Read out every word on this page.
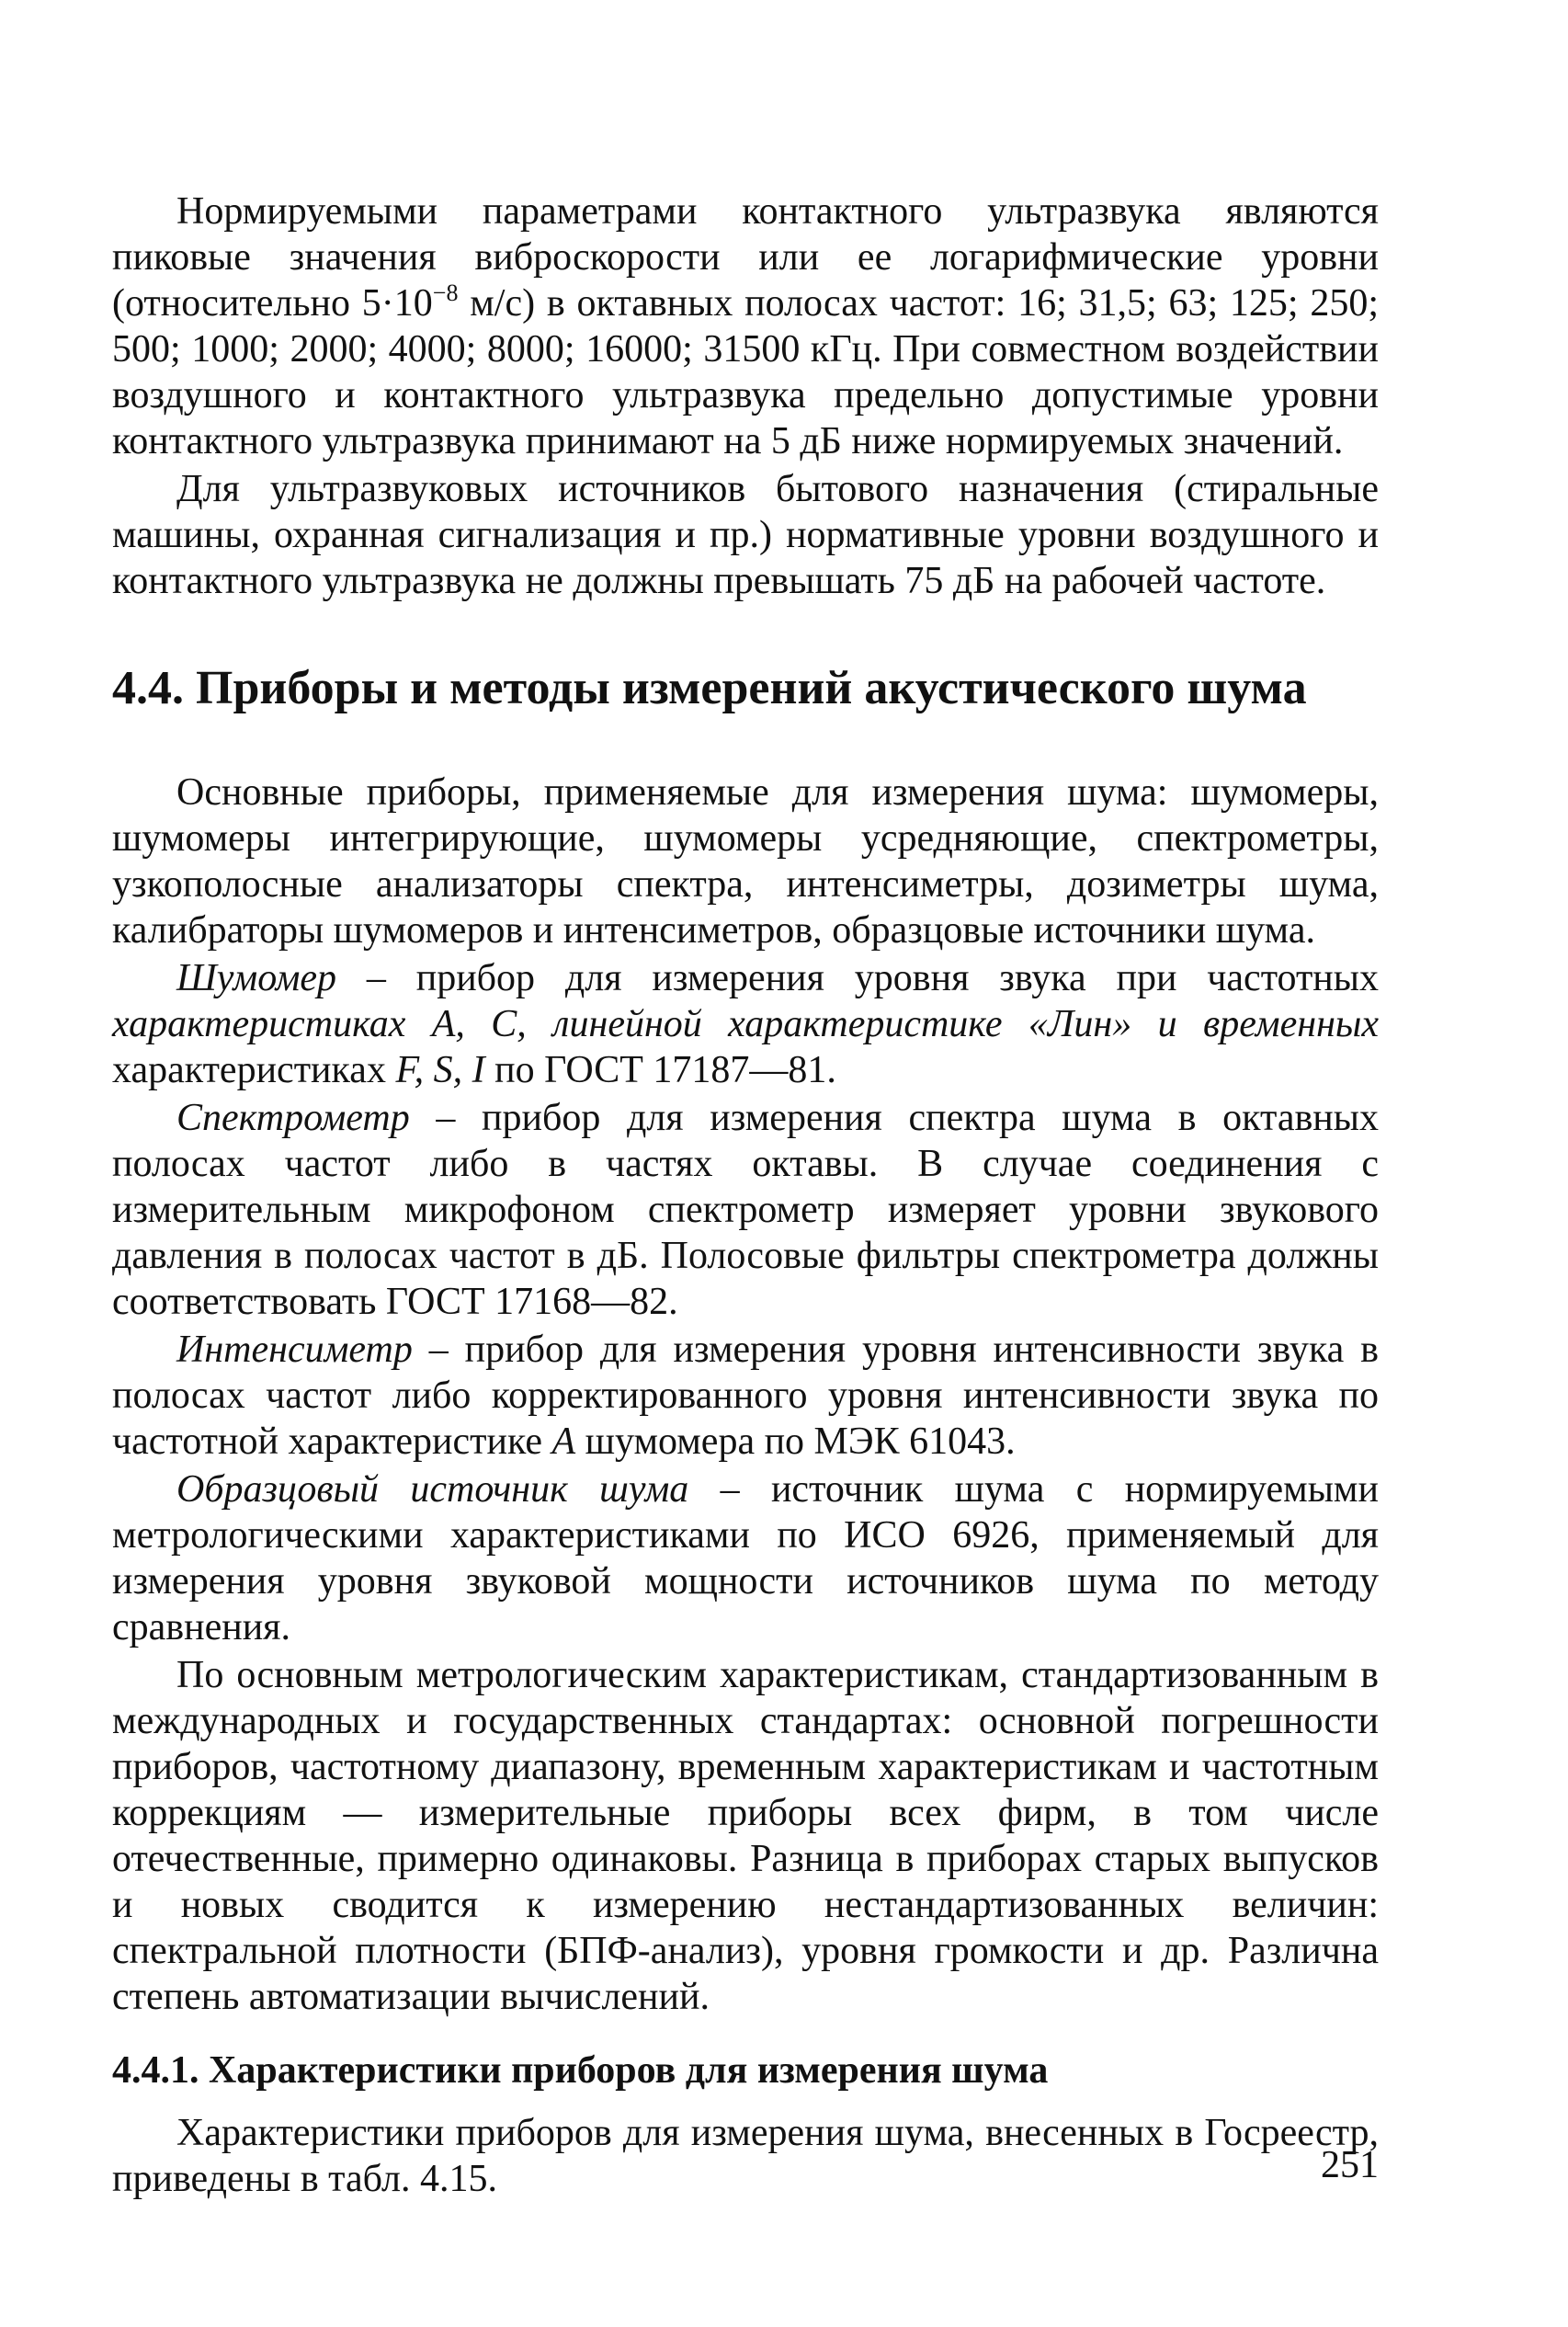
Нормируемыми параметрами контактного ультразвука являются пиковые значения виброскорости или ее логарифмические уровни (относительно $5\cdot 10^{-8}$ м/с) в октавных полосах частот: 16; 31,5; 63; 125; 250; 500; 1000; 2000; 4000; 8000; 16000; 31500 кГц. При совместном воздействии воздушного и контактного ультразвука предельно допустимые уровни контактного ультразвука принимают на 5 дБ ниже нормируемых значений.

Для ультразвуковых источников бытового назначения (стиральные машины, охранная сигнализация и пр.) нормативные уровни воздушного и контактного ультразвука не должны превышать 75 дБ на рабочей частоте.

4.4. Приборы и методы измерений акустического шума

Основные приборы, применяемые для измерения шума: шумомеры, шумомеры интегрирующие, шумомеры усредняющие, спектрометры, узкополосные анализаторы спектра, интенсиметры, дозиметры шума, калибраторы шумомеров и интенсиметров, образцовые источники шума.

Шумомер – прибор для измерения уровня звука при частотных характеристиках А, С, линейной характеристике «Лин» и временных характеристиках F, S, I по ГОСТ 17187—81.

Спектрометр – прибор для измерения спектра шума в октавных полосах частот либо в частях октавы. В случае соединения с измерительным микрофоном спектрометр измеряет уровни звукового давления в полосах частот в дБ. Полосовые фильтры спектрометра должны соответствовать ГОСТ 17168—82.

Интенсиметр – прибор для измерения уровня интенсивности звука в полосах частот либо корректированного уровня интенсивности звука по частотной характеристике А шумомера по МЭК 61043.

Образцовый источник шума – источник шума с нормируемыми метрологическими характеристиками по ИСО 6926, применяемый для измерения уровня звуковой мощности источников шума по методу сравнения.

По основным метрологическим характеристикам, стандартизованным в международных и государственных стандартах: основной погрешности приборов, частотному диапазону, временным характеристикам и частотным коррекциям — измерительные приборы всех фирм, в том числе отечественные, примерно одинаковы. Разница в приборах старых выпусков и новых сводится к измерению нестандартизованных величин: спектральной плотности (БПФ-анализ), уровня громкости и др. Различна степень автоматизации вычислений.

4.4.1. Характеристики приборов для измерения шума

Характеристики приборов для измерения шума, внесенных в Госреестр, приведены в табл. 4.15.	251
